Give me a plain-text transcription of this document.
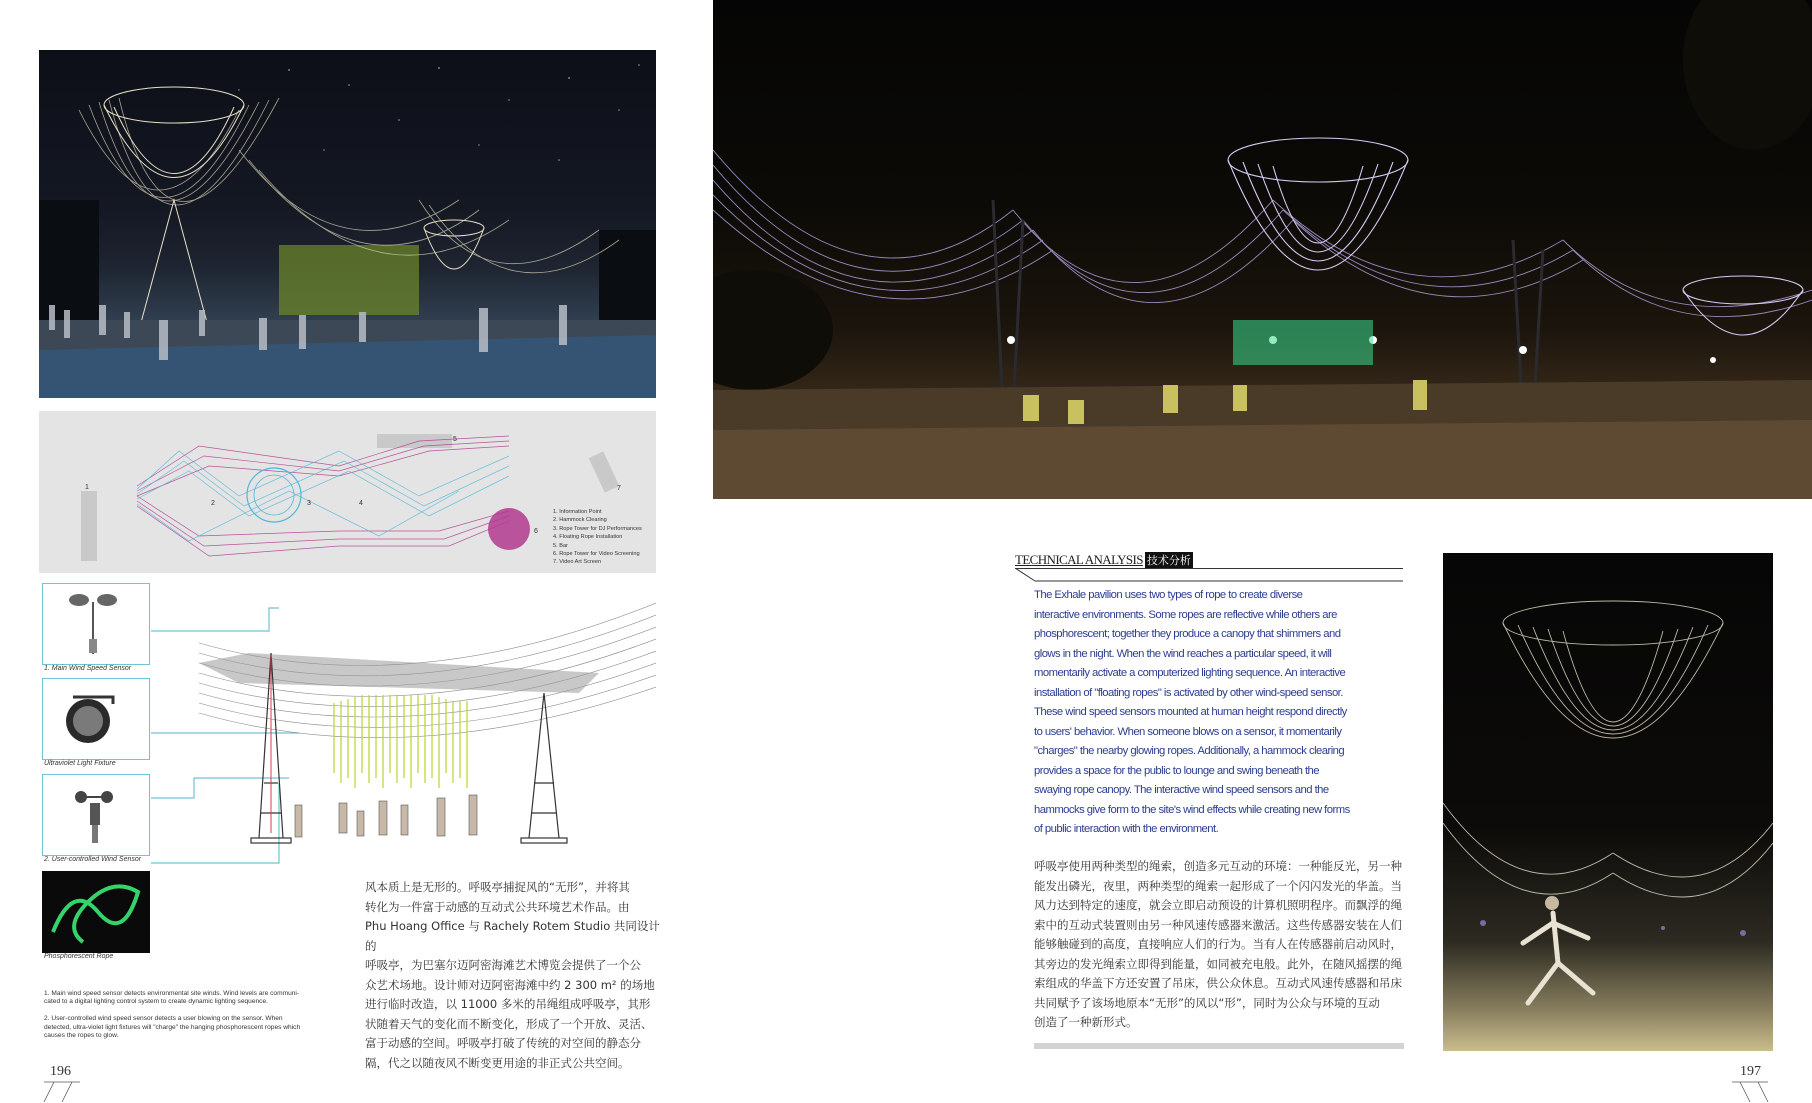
1
2	3	4
5
6
7
1. Information Point
2. Hammock Clearing
3. Rope Tower for DJ Performances
4. Floating Rope Installation
5. Bar
6. Rope Tower for Video Screening
7. Video Art Screen
1. Main Wind Speed Sensor
Ultraviolet Light Fixture
2. User-controlled Wind Sensor
Phosphorescent Rope
1. Main wind speed sensor detects environmental site winds. Wind levels are communi-
cated to a digital lighting control system to create dynamic lighting sequence.

2. User-controlled wind speed sensor detects a user blowing on the sensor. When
detected, ultra-violet light fixtures will "charge" the hanging phosphorescent ropes which
causes the ropes to glow.
风本质上是无形的。呼吸亭捕捉风的“无形”，并将其
转化为一件富于动感的互动式公共环境艺术作品。由
Phu Hoang Office 与 Rachely Rotem Studio 共同设计的
呼吸亭，为巴塞尔迈阿密海滩艺术博览会提供了一个公
众艺术场地。设计师对迈阿密海滩中约 2 300 m² 的场地
进行临时改造，以 11000 多米的吊绳组成呼吸亭，其形
状随着天气的变化而不断变化，形成了一个开放、灵活、
富于动感的空间。呼吸亭打破了传统的对空间的静态分
隔，代之以随夜风不断变更用途的非正式公共空间。
196
TECHNICAL ANALYSIS 技术分析
The Exhale pavilion uses two types of rope to create diverse
interactive environments. Some ropes are reflective while others are
phosphorescent; together they produce a canopy that shimmers and
glows in the night. When the wind reaches a particular speed, it will
momentarily activate a computerized lighting sequence. An interactive
installation of "floating ropes" is activated by other wind-speed sensor.
These wind speed sensors mounted at human height respond directly
to users' behavior. When someone blows on a sensor, it momentarily
"charges" the nearby glowing ropes. Additionally, a hammock clearing
provides a space for the public to lounge and swing beneath the
swaying rope canopy. The interactive wind speed sensors and the
hammocks give form to the site's wind effects while creating new forms
of public interaction with the environment.
呼吸亭使用两种类型的绳索，创造多元互动的环境：一种能反光，另一种
能发出磷光，夜里，两种类型的绳索一起形成了一个闪闪发光的华盖。当
风力达到特定的速度，就会立即启动预设的计算机照明程序。而飘浮的绳
索中的互动式装置则由另一种风速传感器来激活。这些传感器安装在人们
能够触碰到的高度，直接响应人们的行为。当有人在传感器前启动风时，
其旁边的发光绳索立即得到能量，如同被充电般。此外，在随风摇摆的绳
索组成的华盖下方还安置了吊床，供公众休息。互动式风速传感器和吊床
共同赋予了该场地原本“无形”的风以“形”，同时为公众与环境的互动
创造了一种新形式。
197
